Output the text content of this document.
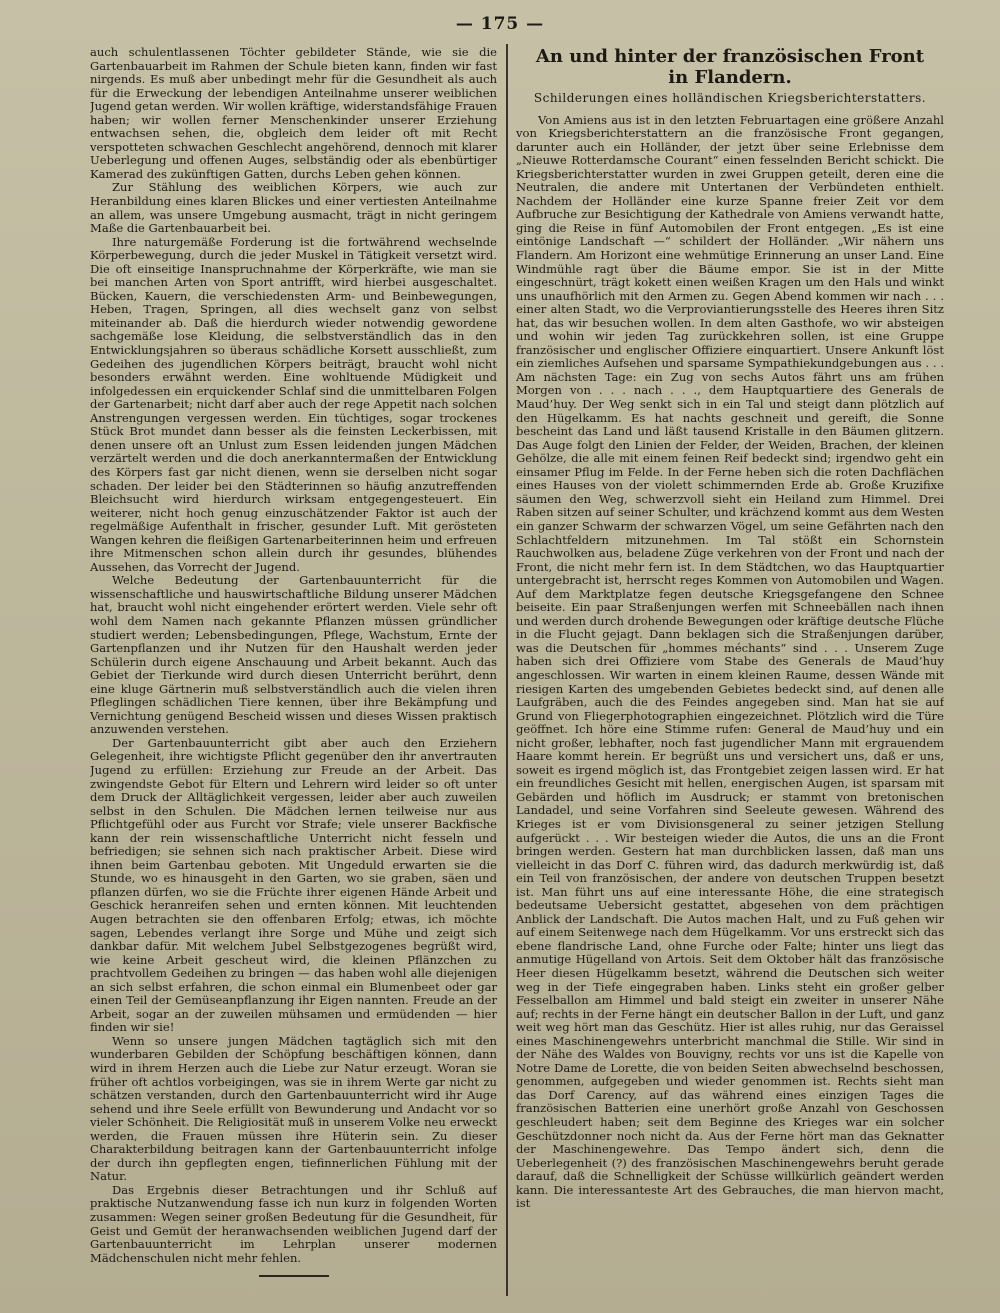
— 175 —

auch schulentlassenen Töchter gebildeter Stände, wie sie die Gartenbauarbeit im Rahmen der Schule bieten kann, finden wir fast nirgends. Es muß aber unbedingt mehr für die Gesundheit als auch für die Erweckung der lebendigen Anteilnahme unserer weiblichen Jugend getan werden. Wir wollen kräftige, widerstandsfähige Frauen haben; wir wollen ferner Menschenkinder unserer Erziehung entwachsen sehen, die, obgleich dem leider oft mit Recht verspotteten schwachen Geschlecht angehörend, dennoch mit klarer Ueberlegung und offenen Auges, selbständig oder als ebenbürtiger Kamerad des zukünftigen Gatten, durchs Leben gehen können.

Zur Stählung des weiblichen Körpers, wie auch zur Heranbildung eines klaren Blickes und einer vertiesten Anteilnahme an allem, was unsere Umgebung ausmacht, trägt in nicht geringem Maße die Gartenbauarbeit bei.

Ihre naturgemäße Forderung ist die fortwährend wechselnde Körperbewegung, durch die jeder Muskel in Tätigkeit versetzt wird. Die oft einseitige Inanspruchnahme der Körperkräfte, wie man sie bei manchen Arten von Sport antrifft, wird hierbei ausgeschaltet. Bücken, Kauern, die verschiedensten Arm- und Beinbewegungen, Heben, Tragen, Springen, all dies wechselt ganz von selbst miteinander ab. Daß die hierdurch wieder notwendig gewordene sachgemäße lose Kleidung, die selbstverständlich das in den Entwicklungsjahren so überaus schädliche Korsett ausschließt, zum Gedeihen des jugendlichen Körpers beiträgt, braucht wohl nicht besonders erwähnt werden. Eine wohltuende Müdigkeit und infolgedessen ein erquickender Schlaf sind die unmittelbaren Folgen der Gartenarbeit; nicht darf aber auch der rege Appetit nach solchen Anstrengungen vergessen werden. Ein tüchtiges, sogar trockenes Stück Brot mundet dann besser als die feinsten Leckerbissen, mit denen unsere oft an Unlust zum Essen leidenden jungen Mädchen verzärtelt werden und die doch anerkanntermaßen der Entwicklung des Körpers fast gar nicht dienen, wenn sie derselben nicht sogar schaden. Der leider bei den Städterinnen so häufig anzutreffenden Bleichsucht wird hierdurch wirksam entgegengesteuert. Ein weiterer, nicht hoch genug einzuschätzender Faktor ist auch der regelmäßige Aufenthalt in frischer, gesunder Luft. Mit gerösteten Wangen kehren die fleißigen Gartenarbeiterinnen heim und erfreuen ihre Mitmenschen schon allein durch ihr gesundes, blühendes Aussehen, das Vorrecht der Jugend.

Welche Bedeutung der Gartenbauunterricht für die wissenschaftliche und hauswirtschaftliche Bildung unserer Mädchen hat, braucht wohl nicht eingehender erörtert werden. Viele sehr oft wohl dem Namen nach gekannte Pflanzen müssen gründlicher studiert werden; Lebensbedingungen, Pflege, Wachstum, Ernte der Gartenpflanzen und ihr Nutzen für den Haushalt werden jeder Schülerin durch eigene Anschauung und Arbeit bekannt. Auch das Gebiet der Tierkunde wird durch diesen Unterricht berührt, denn eine kluge Gärtnerin muß selbstverständlich auch die vielen ihren Pfleglingen schädlichen Tiere kennen, über ihre Bekämpfung und Vernichtung genügend Bescheid wissen und dieses Wissen praktisch anzuwenden verstehen.

Der Gartenbauunterricht gibt aber auch den Erziehern Gelegenheit, ihre wichtigste Pflicht gegenüber den ihr anvertrauten Jugend zu erfüllen: Erziehung zur Freude an der Arbeit. Das zwingendste Gebot für Eltern und Lehrern wird leider so oft unter dem Druck der Alltäglichkeit vergessen, leider aber auch zuweilen selbst in den Schulen. Die Mädchen lernen teilweise nur aus Pflichtgefühl oder aus Furcht vor Strafe; viele unserer Backfische kann der rein wissenschaftliche Unterricht nicht fesseln und befriedigen; sie sehnen sich nach praktischer Arbeit. Diese wird ihnen beim Gartenbau geboten. Mit Ungeduld erwarten sie die Stunde, wo es hinausgeht in den Garten, wo sie graben, säen und pflanzen dürfen, wo sie die Früchte ihrer eigenen Hände Arbeit und Geschick heranreifen sehen und ernten können. Mit leuchtenden Augen betrachten sie den offenbaren Erfolg; etwas, ich möchte sagen, Lebendes verlangt ihre Sorge und Mühe und zeigt sich dankbar dafür. Mit welchem Jubel Selbstgezogenes begrüßt wird, wie keine Arbeit gescheut wird, die kleinen Pflänzchen zu prachtvollem Gedeihen zu bringen — das haben wohl alle diejenigen an sich selbst erfahren, die schon einmal ein Blumenbeet oder gar einen Teil der Gemüseanpflanzung ihr Eigen nannten. Freude an der Arbeit, sogar an der zuweilen mühsamen und ermüdenden — hier finden wir sie!

Wenn so unsere jungen Mädchen tagtäglich sich mit den wunderbaren Gebilden der Schöpfung beschäftigen können, dann wird in ihrem Herzen auch die Liebe zur Natur erzeugt. Woran sie früher oft achtlos vorbeigingen, was sie in ihrem Werte gar nicht zu schätzen verstanden, durch den Gartenbauunterricht wird ihr Auge sehend und ihre Seele erfüllt von Bewunderung und Andacht vor so vieler Schönheit. Die Religiosität muß in unserem Volke neu erweckt werden, die Frauen müssen ihre Hüterin sein. Zu dieser Charakterbildung beitragen kann der Gartenbauunterricht infolge der durch ihn gepflegten engen, tiefinnerlichen Fühlung mit der Natur.

Das Ergebnis dieser Betrachtungen und ihr Schluß auf praktische Nutzanwendung fasse ich nun kurz in folgenden Worten zusammen: Wegen seiner großen Bedeutung für die Gesundheit, für Geist und Gemüt der heranwachsenden weiblichen Jugend darf der Gartenbauunterricht im Lehrplan unserer modernen Mädchenschulen nicht mehr fehlen.

An und hinter der französischen Front

in Flandern.

Schilderungen eines holländischen Kriegsberichterstatters.

Von Amiens aus ist in den letzten Februartagen eine größere Anzahl von Kriegsberichterstattern an die französische Front gegangen, darunter auch ein Holländer, der jetzt über seine Erlebnisse dem „Nieuwe Rotterdamsche Courant“ einen fesselnden Bericht schickt. Die Kriegsberichterstatter wurden in zwei Gruppen geteilt, deren eine die Neutralen, die andere mit Untertanen der Verbündeten enthielt. Nachdem der Holländer eine kurze Spanne freier Zeit vor dem Aufbruche zur Besichtigung der Kathedrale von Amiens verwandt hatte, ging die Reise in fünf Automobilen der Front entgegen. „Es ist eine eintönige Landschaft —“ schildert der Holländer. „Wir nähern uns Flandern. Am Horizont eine wehmütige Erinnerung an unser Land. Eine Windmühle ragt über die Bäume empor. Sie ist in der Mitte eingeschnürt, trägt kokett einen weißen Kragen um den Hals und winkt uns unaufhörlich mit den Armen zu. Gegen Abend kommen wir nach . . . einer alten Stadt, wo die Verproviantierungsstelle des Heeres ihren Sitz hat, das wir besuchen wollen. In dem alten Gasthofe, wo wir absteigen und wohin wir jeden Tag zurückkehren sollen, ist eine Gruppe französischer und englischer Offiziere einquartiert. Unsere Ankunft löst ein ziemliches Aufsehen und sparsame Sympathiekundgebungen aus . . . Am nächsten Tage: ein Zug von sechs Autos fährt uns am frühen Morgen von . . . nach . . ., dem Hauptquartiere des Generals de Maud’huy. Der Weg senkt sich in ein Tal und steigt dann plötzlich auf den Hügelkamm. Es hat nachts geschneit und gereift, die Sonne bescheint das Land und läßt tausend Kristalle in den Bäumen glitzern. Das Auge folgt den Linien der Felder, der Weiden, Brachen, der kleinen Gehölze, die alle mit einem feinen Reif bedeckt sind; irgendwo geht ein einsamer Pflug im Felde. In der Ferne heben sich die roten Dachflächen eines Hauses von der violett schimmernden Erde ab. Große Kruzifixe säumen den Weg, schwerzvoll sieht ein Heiland zum Himmel. Drei Raben sitzen auf seiner Schulter, und krächzend kommt aus dem Westen ein ganzer Schwarm der schwarzen Vögel, um seine Gefährten nach den Schlachtfeldern mitzunehmen. Im Tal stößt ein Schornstein Rauchwolken aus, beladene Züge verkehren von der Front und nach der Front, die nicht mehr fern ist. In dem Städtchen, wo das Hauptquartier untergebracht ist, herrscht reges Kommen von Automobilen und Wagen. Auf dem Marktplatze fegen deutsche Kriegsgefangene den Schnee beiseite. Ein paar Straßenjungen werfen mit Schneebällen nach ihnen und werden durch drohende Bewegungen oder kräftige deutsche Flüche in die Flucht gejagt. Dann beklagen sich die Straßenjungen darüber, was die Deutschen für „hommes méchants“ sind . . . Unserem Zuge haben sich drei Offiziere vom Stabe des Generals de Maud’huy angeschlossen. Wir warten in einem kleinen Raume, dessen Wände mit riesigen Karten des umgebenden Gebietes bedeckt sind, auf denen alle Laufgräben, auch die des Feindes angegeben sind. Man hat sie auf Grund von Fliegerphotographien eingezeichnet. Plötzlich wird die Türe geöffnet. Ich höre eine Stimme rufen: General de Maud’huy und ein nicht großer, lebhafter, noch fast jugendlicher Mann mit ergrauendem Haare kommt herein. Er begrüßt uns und versichert uns, daß er uns, soweit es irgend möglich ist, das Frontgebiet zeigen lassen wird. Er hat ein freundliches Gesicht mit hellen, energischen Augen, ist sparsam mit Gebärden und höflich im Ausdruck; er stammt von bretonischen Landadel, und seine Vorfahren sind Seeleute gewesen. Während des Krieges ist er vom Divisionsgeneral zu seiner jetzigen Stellung aufgerückt . . . Wir besteigen wieder die Autos, die uns an die Front bringen werden. Gestern hat man durchblicken lassen, daß man uns vielleicht in das Dorf C. führen wird, das dadurch merkwürdig ist, daß ein Teil von französischen, der andere von deutschen Truppen besetzt ist. Man führt uns auf eine interessante Höhe, die eine strategisch bedeutsame Uebersicht gestattet, abgesehen von dem prächtigen Anblick der Landschaft. Die Autos machen Halt, und zu Fuß gehen wir auf einem Seitenwege nach dem Hügelkamm. Vor uns erstreckt sich das ebene flandrische Land, ohne Furche oder Falte; hinter uns liegt das anmutige Hügelland von Artois. Seit dem Oktober hält das französische Heer diesen Hügelkamm besetzt, während die Deutschen sich weiter weg in der Tiefe eingegraben haben. Links steht ein großer gelber Fesselballon am Himmel und bald steigt ein zweiter in unserer Nähe auf; rechts in der Ferne hängt ein deutscher Ballon in der Luft, und ganz weit weg hört man das Geschütz. Hier ist alles ruhig, nur das Geraissel eines Maschinengewehrs unterbricht manchmal die Stille. Wir sind in der Nähe des Waldes von Bouvigny, rechts vor uns ist die Kapelle von Notre Dame de Lorette, die von beiden Seiten abwechselnd beschossen, genommen, aufgegeben und wieder genommen ist. Rechts sieht man das Dorf Carency, auf das während eines einzigen Tages die französischen Batterien eine unerhört große Anzahl von Geschossen geschleudert haben; seit dem Beginne des Krieges war ein solcher Geschützdonner noch nicht da. Aus der Ferne hört man das Geknatter der Maschinengewehre. Das Tempo ändert sich, denn die Ueberlegenheit (?) des französischen Maschinengewehrs beruht gerade darauf, daß die Schnelligkeit der Schüsse willkürlich geändert werden kann. Die interessanteste Art des Gebrauches, die man hiervon macht, ist
